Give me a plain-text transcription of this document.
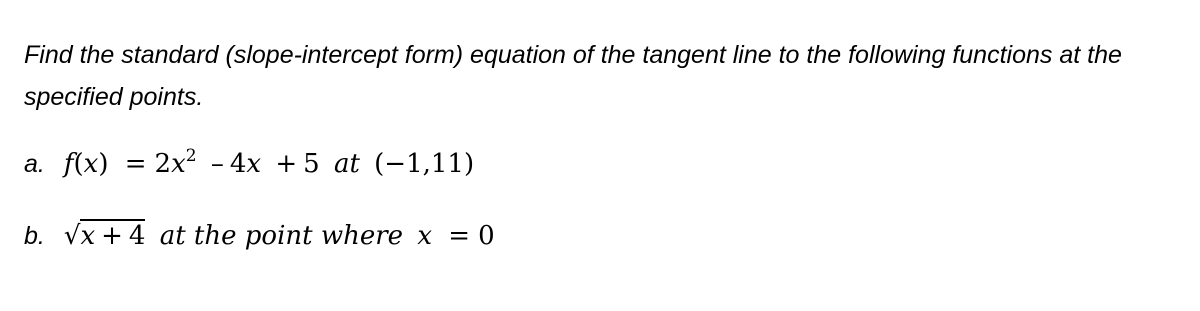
Find the standard (slope-intercept form) equation of the tangent line to the following functions at the specified points.
a. $f(x) = 2x^2 - 4x + 5$ at (−1,11)
b. √x + 4 at the point where x = 0
